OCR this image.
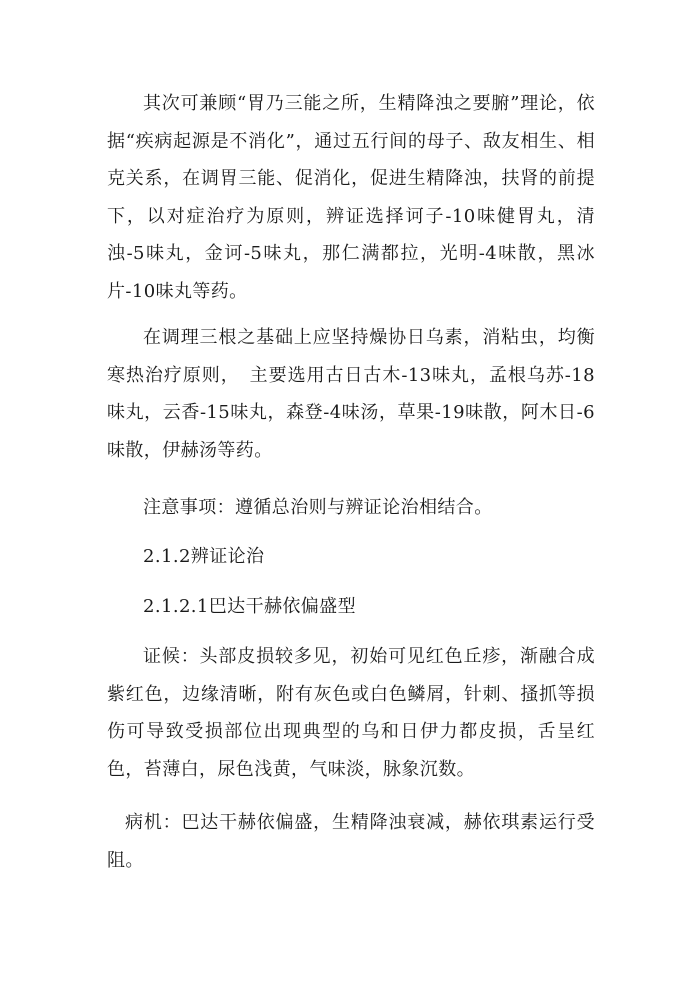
其次可兼顾“胃乃三能之所，生精降浊之要腑”理论，依据“疾病起源是不消化”，通过五行间的母子、敌友相生、相克关系，在调胃三能、促消化，促进生精降浊，扶肾的前提下，以对症治疗为原则，辨证选择诃子-10味健胃丸，清浊-5味丸，金诃-5味丸，那仁满都拉，光明-4味散，黑冰片-10味丸等药。

在调理三根之基础上应坚持燥协日乌素，消粘虫，均衡寒热治疗原则，　主要选用古日古木-13味丸，孟根乌苏-18味丸，云香-15味丸，森登-4味汤，草果-19味散，阿木日-6味散，伊赫汤等药。

注意事项：遵循总治则与辨证论治相结合。

2.1.2辨证论治

2.1.2.1巴达干赫依偏盛型

证候：头部皮损较多见，初始可见红色丘疹，渐融合成紫红色，边缘清晰，附有灰色或白色鳞屑，针刺、搔抓等损伤可导致受损部位出现典型的乌和日伊力都皮损，舌呈红色，苔薄白，尿色浅黄，气味淡，脉象沉数。

病机：巴达干赫依偏盛，生精降浊衰减，赫依琪素运行受阻。
